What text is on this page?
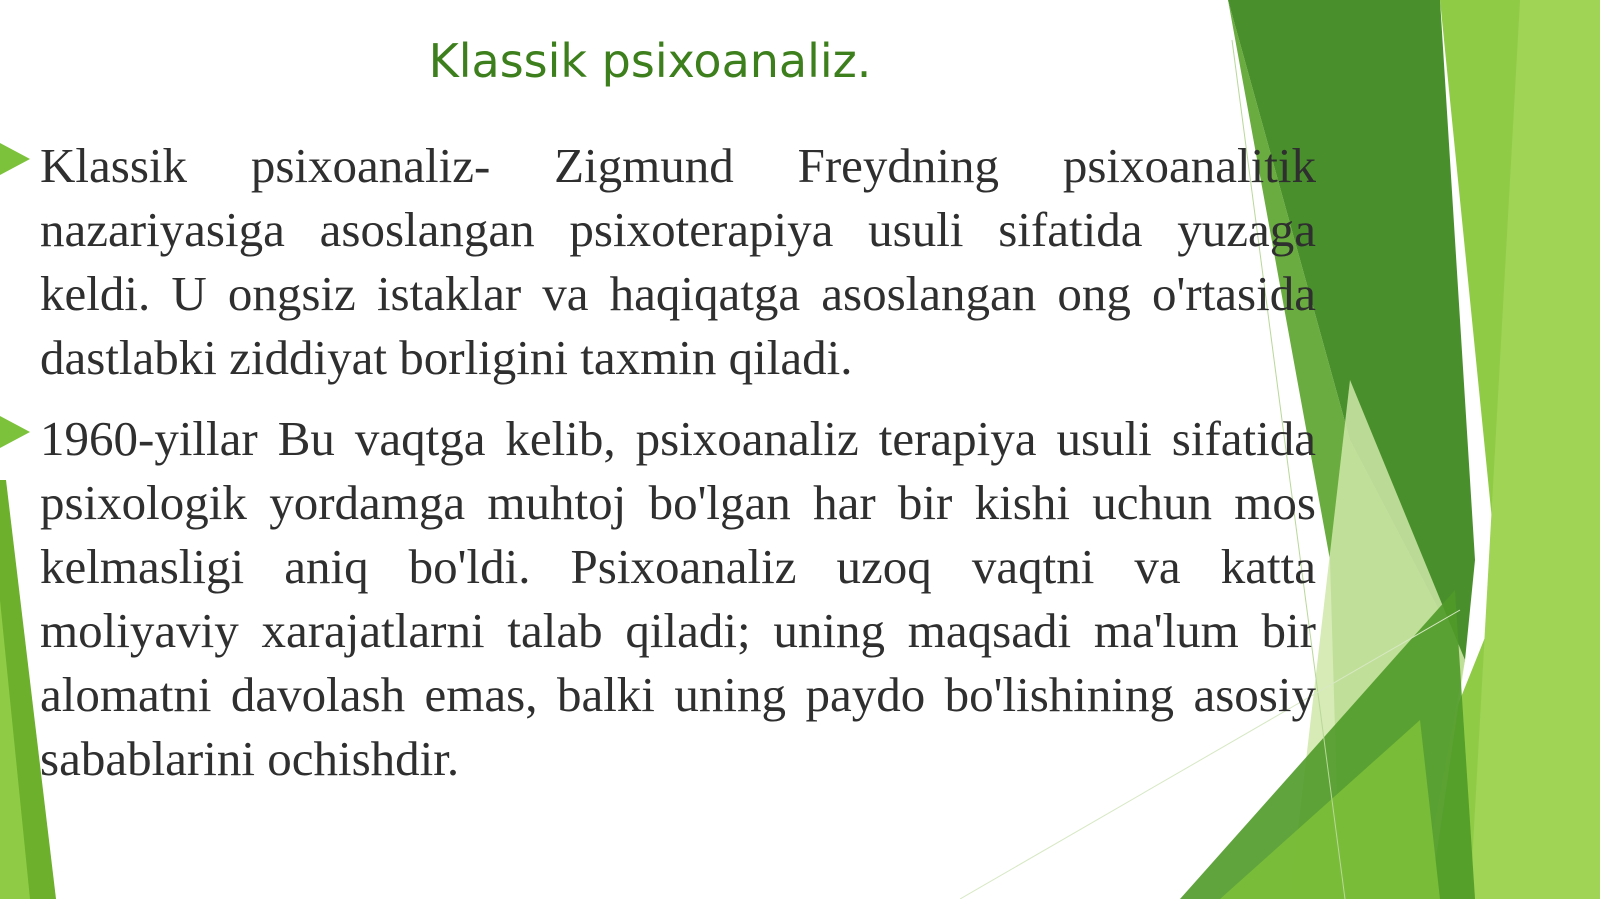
Klassik psixoanaliz.

Klassik psixoanaliz- Zigmund Freydning psixoanalitik nazariyasiga asoslangan psixoterapiya usuli sifatida yuzaga keldi. U ongsiz istaklar va haqiqatga asoslangan ong o'rtasida dastlabki ziddiyat borligini taxmin qiladi.

1960-yillar Bu vaqtga kelib, psixoanaliz terapiya usuli sifatida psixologik yordamga muhtoj bo'lgan har bir kishi uchun mos kelmasligi aniq bo'ldi. Psixoanaliz uzoq vaqtni va katta moliyaviy xarajatlarni talab qiladi; uning maqsadi ma'lum bir alomatni davolash emas, balki uning paydo bo'lishining asosiy sabablarini ochishdir.
